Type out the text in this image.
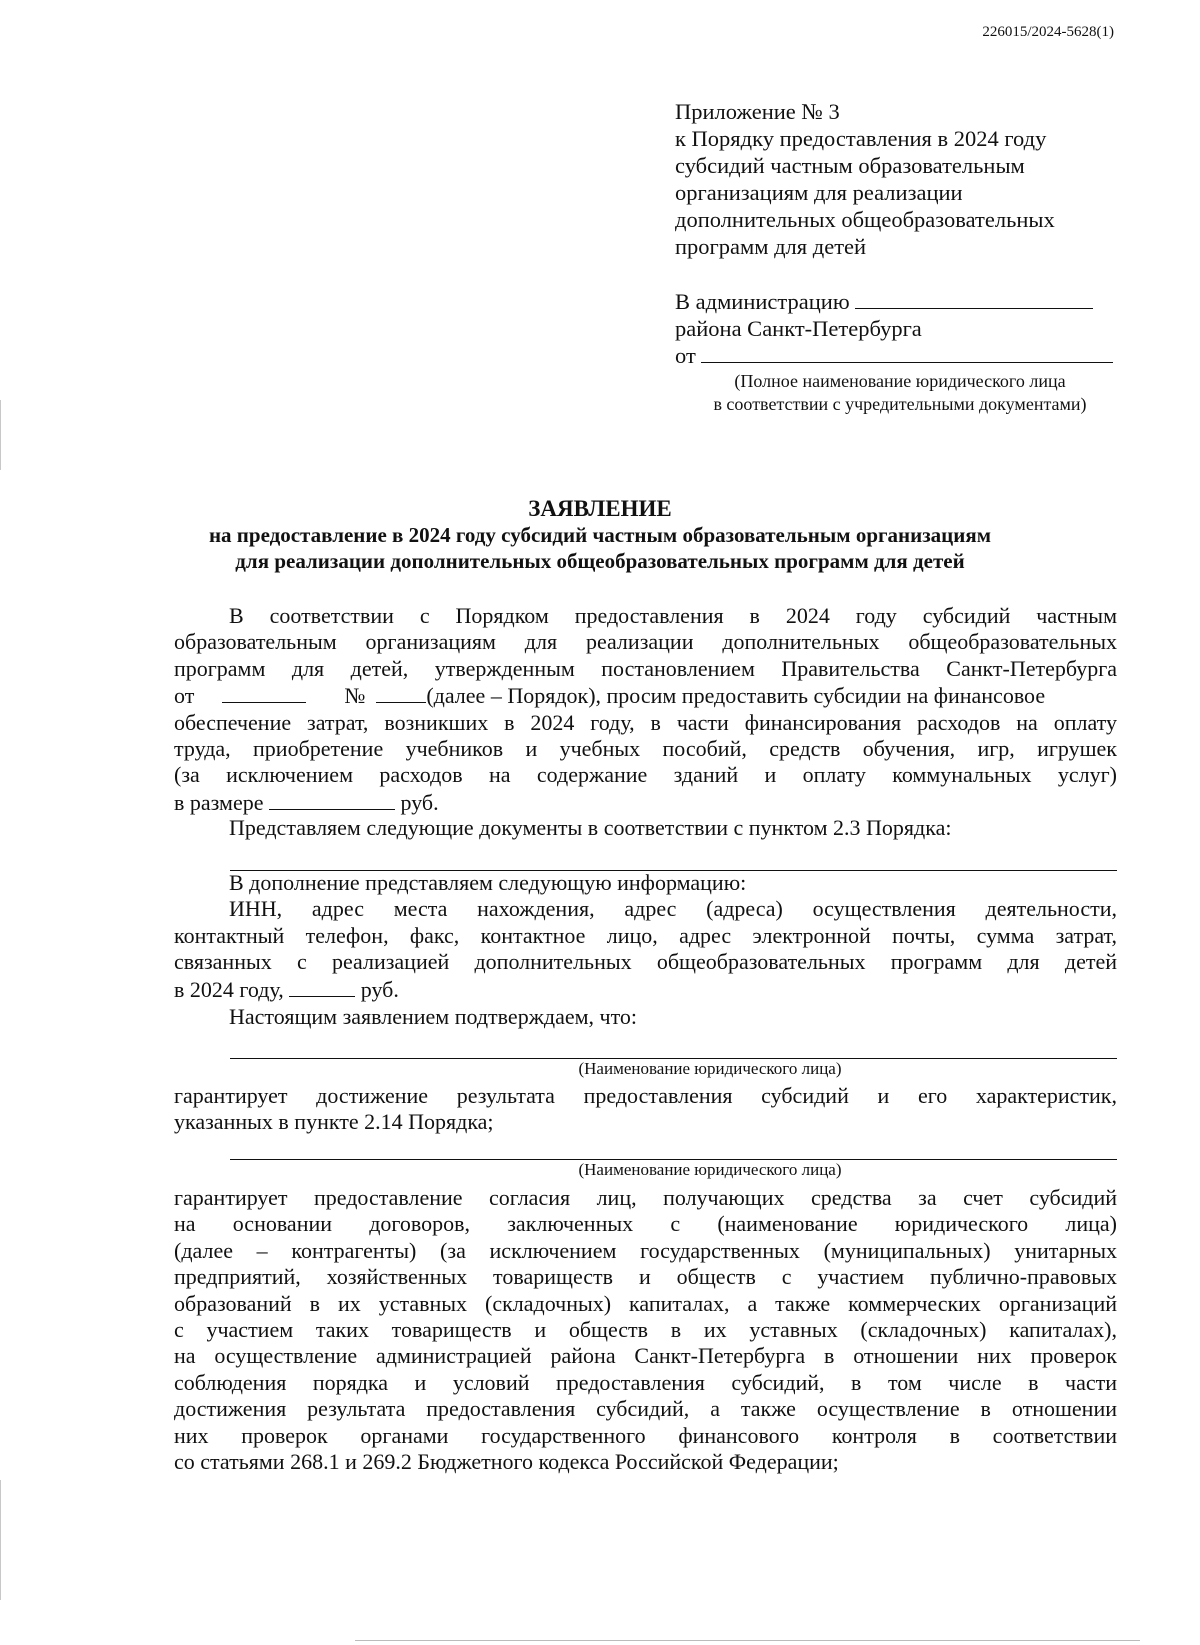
226015/2024-5628(1)
Приложение № 3
к Порядку предоставления в 2024 году
субсидий частным образовательным
организациям для реализации
дополнительных общеобразовательных
программ для детей
В администрацию
района Санкт-Петербурга
от
(Полное наименование юридического лица
в соответствии с учредительными документами)
ЗАЯВЛЕНИЕ
на предоставление в 2024 году субсидий частным образовательным организациям
для реализации дополнительных общеобразовательных программ для детей
В соответствии с Порядком предоставления в 2024 году субсидий частным
образовательным организациям для реализации дополнительных общеобразовательных
программ для детей, утвержденным постановлением Правительства Санкт-Петербурга
от	№	(далее – Порядок), просим предоставить субсидии на финансовое
обеспечение затрат, возникших в 2024 году, в части финансирования расходов на оплату
труда, приобретение учебников и учебных пособий, средств обучения, игр, игрушек
(за исключением расходов на содержание зданий и оплату коммунальных услуг)
в размере	руб.
Представляем следующие документы в соответствии с пунктом 2.3 Порядка:
В дополнение представляем следующую информацию:
ИНН, адрес места нахождения, адрес (адреса) осуществления деятельности,
контактный телефон, факс, контактное лицо, адрес электронной почты, сумма затрат,
связанных с реализацией дополнительных общеобразовательных программ для детей
в 2024 году,	руб.
Настоящим заявлением подтверждаем, что:
(Наименование юридического лица)
гарантирует достижение результата предоставления субсидий и его характеристик,
указанных в пункте 2.14 Порядка;
(Наименование юридического лица)
гарантирует предоставление согласия лиц, получающих средства за счет субсидий
на основании договоров, заключенных с (наименование юридического лица)
(далее – контрагенты) (за исключением государственных (муниципальных) унитарных
предприятий, хозяйственных товариществ и обществ с участием публично-правовых
образований в их уставных (складочных) капиталах, а также коммерческих организаций
с участием таких товариществ и обществ в их уставных (складочных) капиталах),
на осуществление администрацией района Санкт-Петербурга в отношении них проверок
соблюдения порядка и условий предоставления субсидий, в том числе в части
достижения результата предоставления субсидий, а также осуществление в отношении
них проверок органами государственного финансового контроля в соответствии
со статьями 268.1 и 269.2 Бюджетного кодекса Российской Федерации;
